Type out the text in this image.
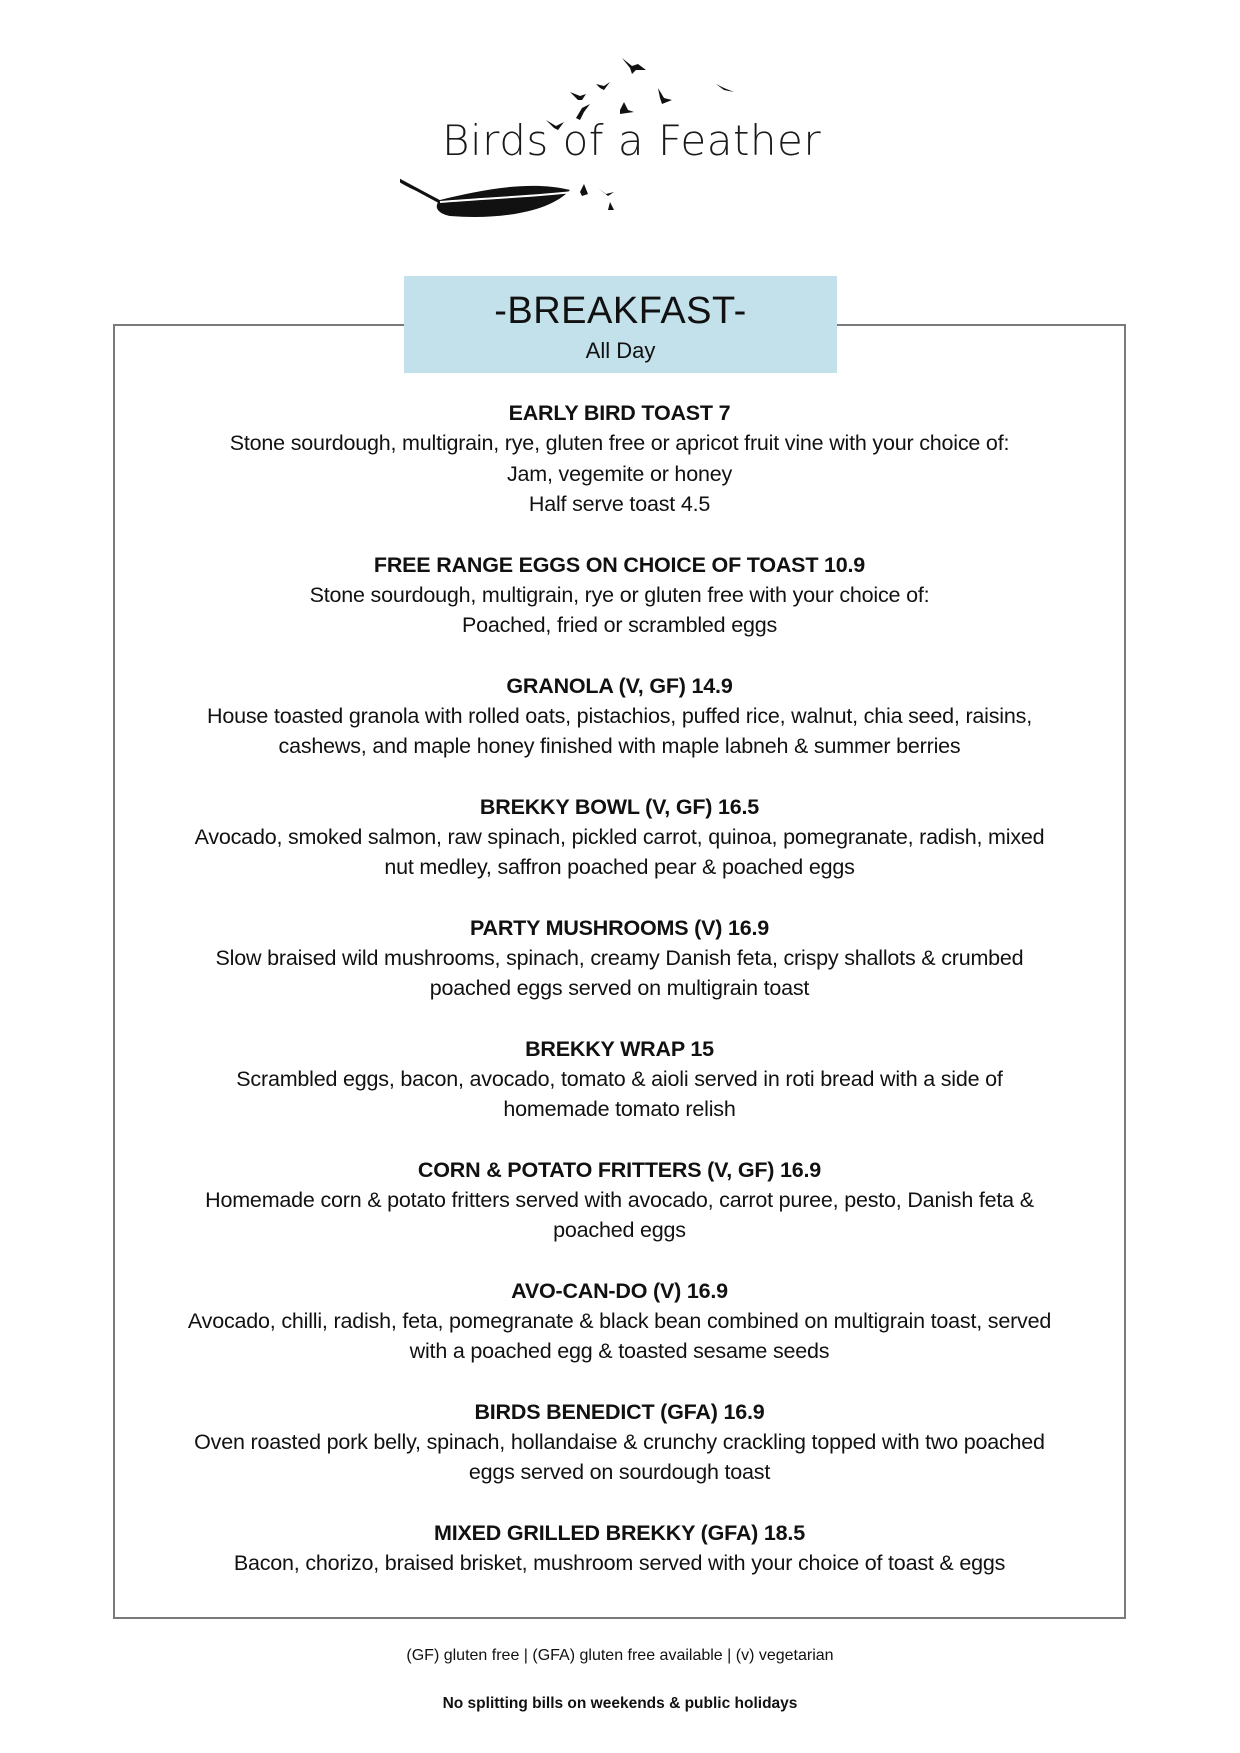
Birds of a Feather
-BREAKFAST-
All Day
EARLY BIRD TOAST 7
Stone sourdough, multigrain, rye, gluten free or apricot fruit vine with your choice of:
Jam, vegemite or honey
Half serve toast 4.5
FREE RANGE EGGS ON CHOICE OF TOAST 10.9
Stone sourdough, multigrain, rye or gluten free with your choice of:
Poached, fried or scrambled eggs
GRANOLA (V, GF) 14.9
House toasted granola with rolled oats, pistachios, puffed rice, walnut, chia seed, raisins,
cashews, and maple honey finished with maple labneh & summer berries
BREKKY BOWL (V, GF) 16.5
Avocado, smoked salmon, raw spinach, pickled carrot, quinoa, pomegranate, radish, mixed
nut medley, saffron poached pear & poached eggs
PARTY MUSHROOMS (V) 16.9
Slow braised wild mushrooms, spinach, creamy Danish feta, crispy shallots & crumbed
poached eggs served on multigrain toast
BREKKY WRAP 15
Scrambled eggs, bacon, avocado, tomato & aioli served in roti bread with a side of
homemade tomato relish
CORN & POTATO FRITTERS (V, GF) 16.9
Homemade corn & potato fritters served with avocado, carrot puree, pesto, Danish feta &
poached eggs
AVO-CAN-DO (V) 16.9
Avocado, chilli, radish, feta, pomegranate & black bean combined on multigrain toast, served
with a poached egg & toasted sesame seeds
BIRDS BENEDICT (GFA) 16.9
Oven roasted pork belly, spinach, hollandaise & crunchy crackling topped with two poached
eggs served on sourdough toast
MIXED GRILLED BREKKY (GFA) 18.5
Bacon, chorizo, braised brisket, mushroom served with your choice of toast & eggs
(GF) gluten free | (GFA) gluten free available | (v) vegetarian
No splitting bills on weekends & public holidays
